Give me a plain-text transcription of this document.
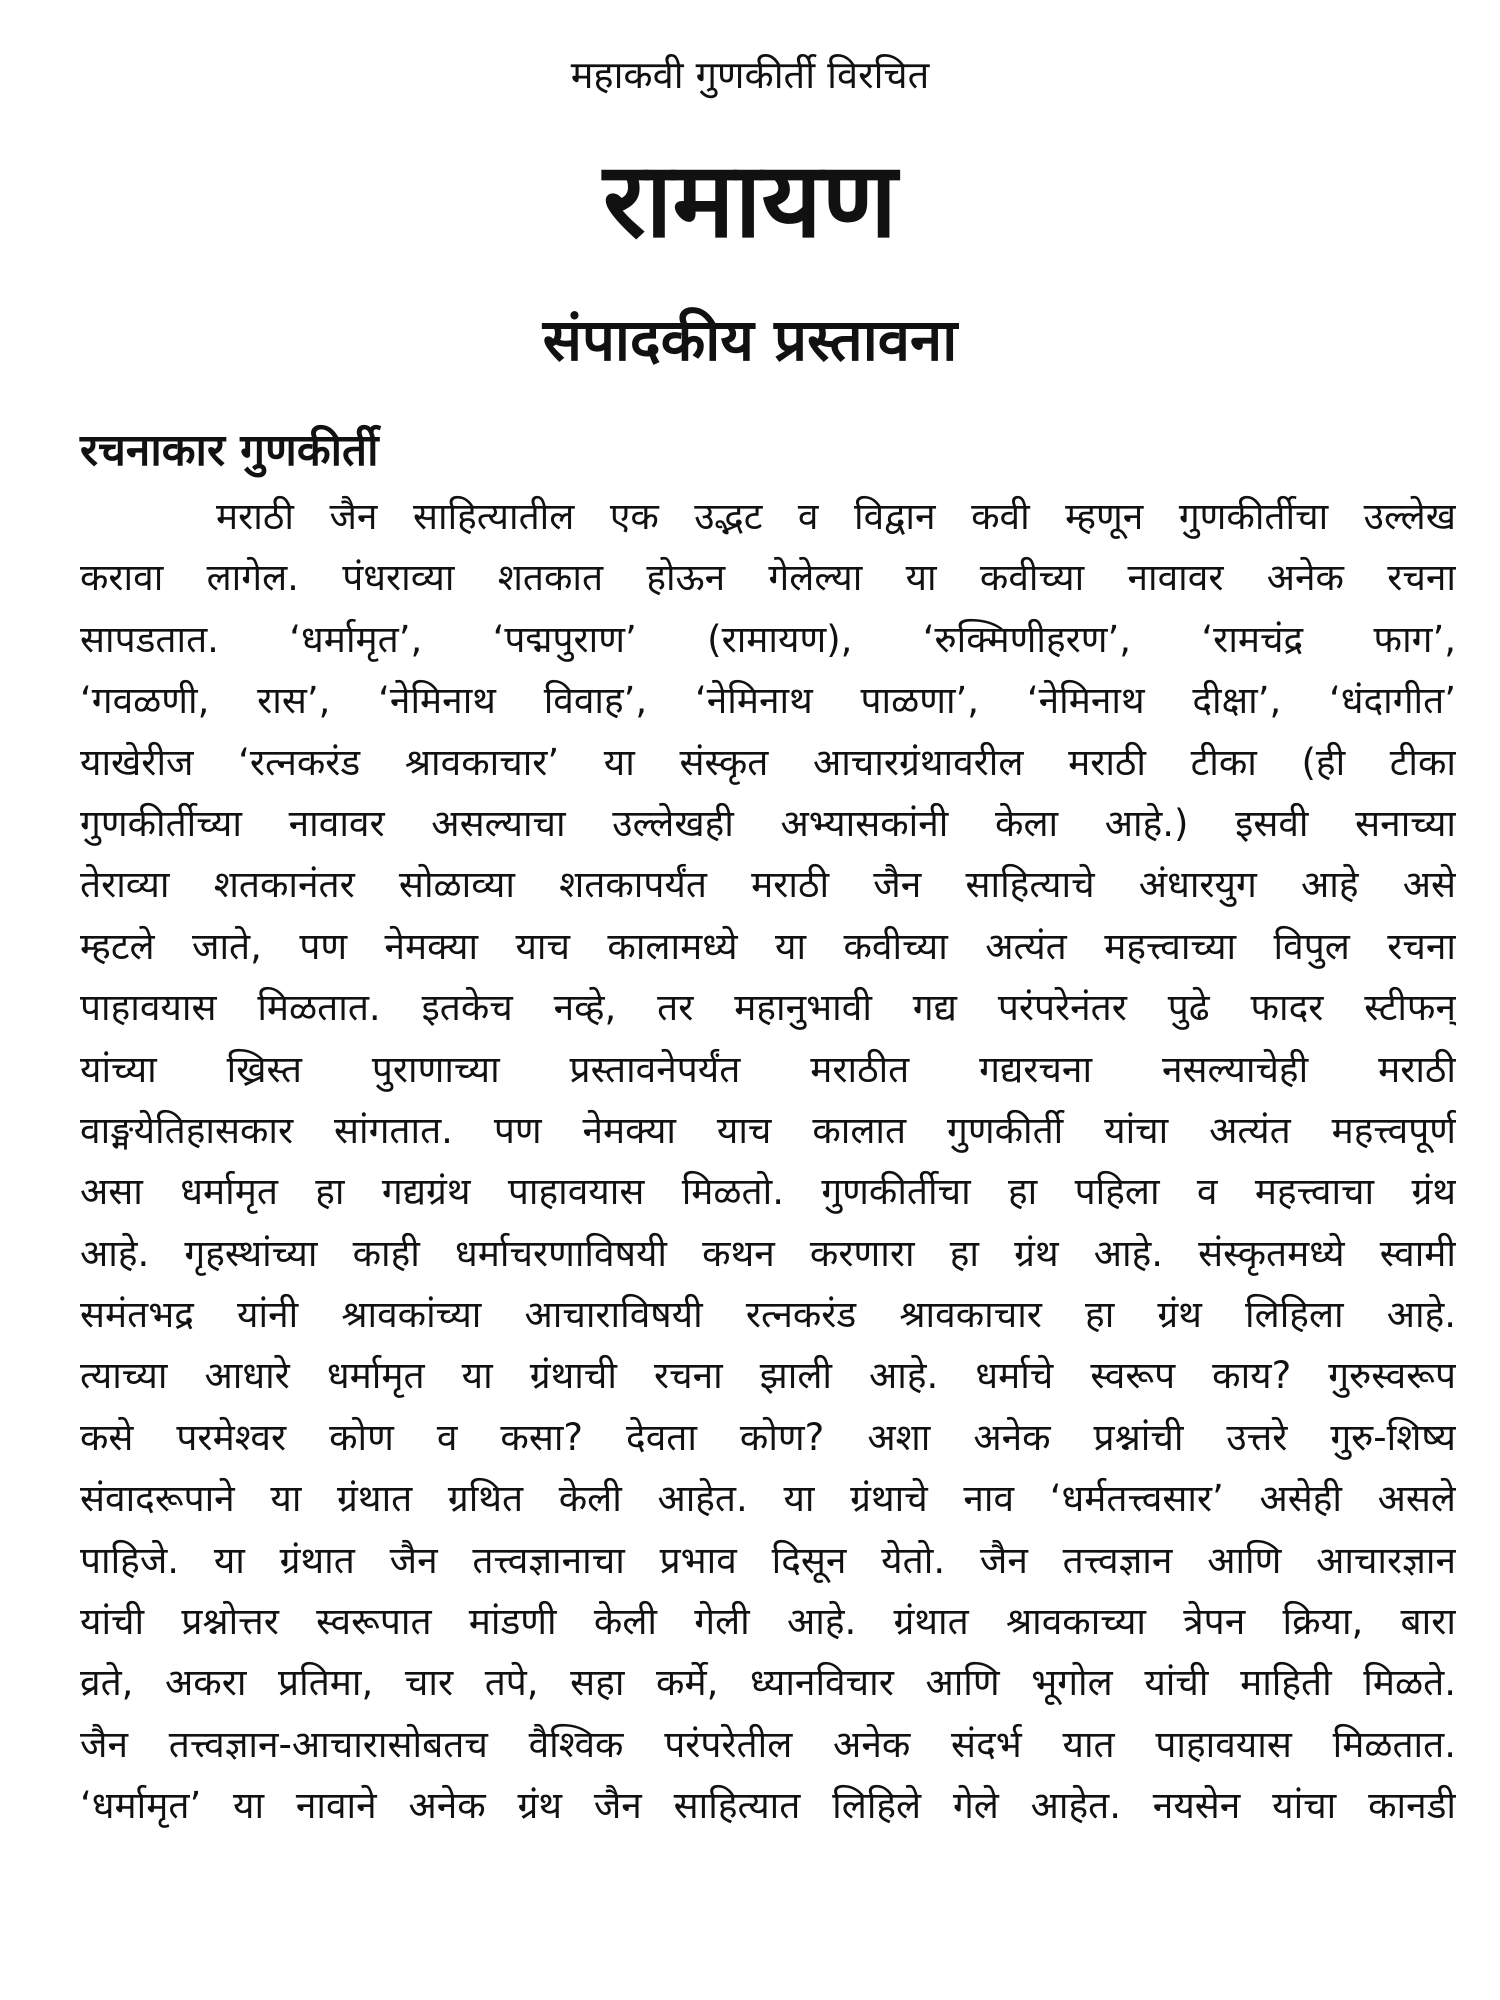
महाकवी गुणकीर्ती विरचित
रामायण
संपादकीय प्रस्तावना
रचनाकार गुणकीर्ती
मराठी जैन साहित्यातील एक उद्भट व विद्वान कवी म्हणून गुणकीर्तीचा उल्लेख
करावा लागेल. पंधराव्या शतकात होऊन गेलेल्या या कवीच्या नावावर अनेक रचना
सापडतात. ‘धर्मामृत’, ‘पद्मपुराण’ (रामायण), ‘रुक्मिणीहरण’, ‘रामचंद्र फाग’,
‘गवळणी, रास’, ‘नेमिनाथ विवाह’, ‘नेमिनाथ पाळणा’, ‘नेमिनाथ दीक्षा’, ‘धंदागीत’
याखेरीज ‘रत्नकरंड श्रावकाचार’ या संस्कृत आचारग्रंथावरील मराठी टीका (ही टीका
गुणकीर्तीच्या नावावर असल्याचा उल्लेखही अभ्यासकांनी केला आहे.) इसवी सनाच्या
तेराव्या शतकानंतर सोळाव्या शतकापर्यंत मराठी जैन साहित्याचे अंधारयुग आहे असे
म्हटले जाते, पण नेमक्या याच कालामध्ये या कवीच्या अत्यंत महत्त्वाच्या विपुल रचना
पाहावयास मिळतात. इतकेच नव्हे, तर महानुभावी गद्य परंपरेनंतर पुढे फादर स्टीफन्
यांच्या ख्रिस्त पुराणाच्या प्रस्तावनेपर्यंत मराठीत गद्यरचना नसल्याचेही मराठी
वाङ्मयेतिहासकार सांगतात. पण नेमक्या याच कालात गुणकीर्ती यांचा अत्यंत महत्त्वपूर्ण
असा धर्मामृत हा गद्यग्रंथ पाहावयास मिळतो. गुणकीर्तीचा हा पहिला व महत्त्वाचा ग्रंथ
आहे. गृहस्थांच्या काही धर्माचरणाविषयी कथन करणारा हा ग्रंथ आहे. संस्कृतमध्ये स्वामी
समंतभद्र यांनी श्रावकांच्या आचाराविषयी रत्नकरंड श्रावकाचार हा ग्रंथ लिहिला आहे.
त्याच्या आधारे धर्मामृत या ग्रंथाची रचना झाली आहे. धर्माचे स्वरूप काय? गुरुस्वरूप
कसे परमेश्वर कोण व कसा? देवता कोण? अशा अनेक प्रश्नांची उत्तरे गुरु-शिष्य
संवादरूपाने या ग्रंथात ग्रथित केली आहेत. या ग्रंथाचे नाव ‘धर्मतत्त्वसार’ असेही असले
पाहिजे. या ग्रंथात जैन तत्त्वज्ञानाचा प्रभाव दिसून येतो. जैन तत्त्वज्ञान आणि आचारज्ञान
यांची प्रश्नोत्तर स्वरूपात मांडणी केली गेली आहे. ग्रंथात श्रावकाच्या त्रेपन क्रिया, बारा
व्रते, अकरा प्रतिमा, चार तपे, सहा कर्मे, ध्यानविचार आणि भूगोल यांची माहिती मिळते.
जैन तत्त्वज्ञान-आचारासोबतच वैश्विक परंपरेतील अनेक संदर्भ यात पाहावयास मिळतात.
‘धर्मामृत’ या नावाने अनेक ग्रंथ जैन साहित्यात लिहिले गेले आहेत. नयसेन यांचा कानडी
